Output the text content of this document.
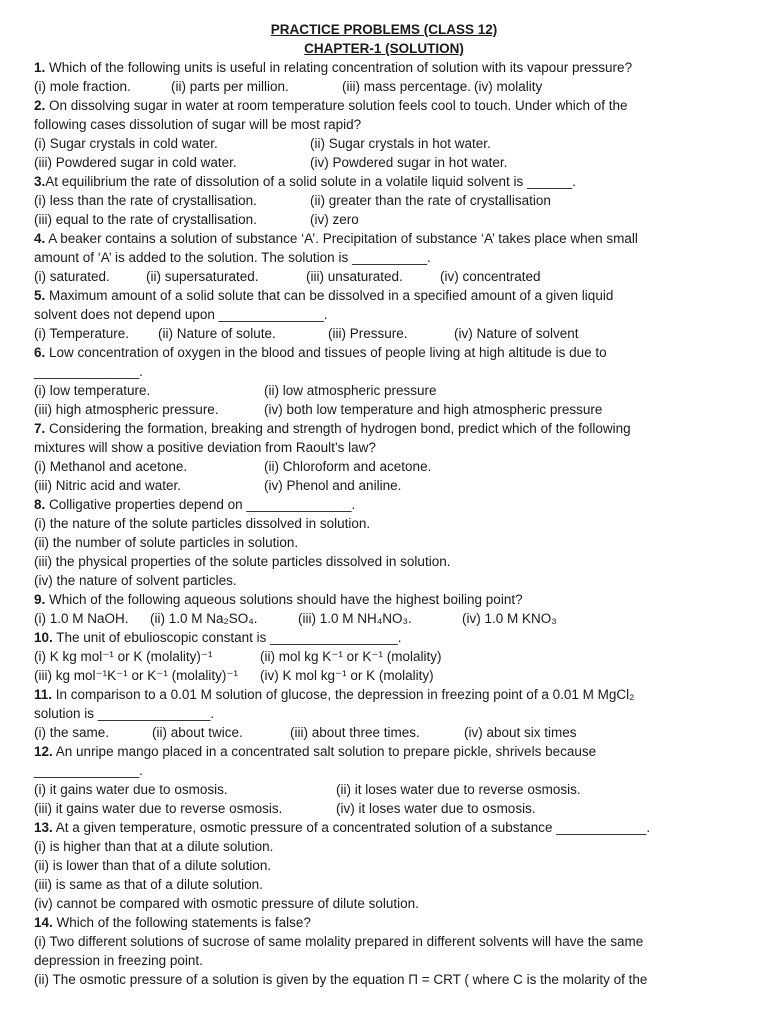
PRACTICE PROBLEMS (CLASS 12)

CHAPTER-1 (SOLUTION)

1. Which of the following units is useful in relating concentration of solution with its vapour pressure?

(i) mole fraction.	(ii) parts per million.	(iii) mass percentage. (iv) molality

2. On dissolving sugar in water at room temperature solution feels cool to touch. Under which of the

following cases dissolution of sugar will be most rapid?

(i) Sugar crystals in cold water.	(ii) Sugar crystals in hot water.
(iii) Powdered sugar in cold water.	(iv) Powdered sugar in hot water.

3.At equilibrium the rate of dissolution of a solid solute in a volatile liquid solvent is ______.

(i) less than the rate of crystallisation.	(ii) greater than the rate of crystallisation
(iii) equal to the rate of crystallisation.	(iv) zero

4. A beaker contains a solution of substance ‘A’. Precipitation of substance ‘A’ takes place when small

amount of ‘A’ is added to the solution. The solution is __________.

(i) saturated.	(ii) supersaturated.	(iii) unsaturated.	(iv) concentrated

5. Maximum amount of a solid solute that can be dissolved in a specified amount of a given liquid

solvent does not depend upon ______________.

(i) Temperature.	(ii) Nature of solute.	(iii) Pressure.	(iv) Nature of solvent

6. Low concentration of oxygen in the blood and tissues of people living at high altitude is due to

______________.

(i) low temperature.	(ii) low atmospheric pressure
(iii) high atmospheric pressure.	(iv) both low temperature and high atmospheric pressure

7. Considering the formation, breaking and strength of hydrogen bond, predict which of the following

mixtures will show a positive deviation from Raoult’s law?

(i) Methanol and acetone.	(ii) Chloroform and acetone.
(iii) Nitric acid and water.	(iv) Phenol and aniline.

8. Colligative properties depend on ______________.

(i) the nature of the solute particles dissolved in solution.

(ii) the number of solute particles in solution.

(iii) the physical properties of the solute particles dissolved in solution.

(iv) the nature of solvent particles.

9. Which of the following aqueous solutions should have the highest boiling point?

(i) 1.0 M NaOH.	(ii) 1.0 M Na₂SO₄.	(iii) 1.0 M NH₄NO₃.	(iv) 1.0 M KNO₃

10. The unit of ebulioscopic constant is _________________.

(i) K kg mol⁻¹ or K (molality)⁻¹	(ii) mol kg K⁻¹ or K⁻¹ (molality)
(iii) kg mol⁻¹K⁻¹ or K⁻¹ (molality)⁻¹	(iv) K mol kg⁻¹ or K (molality)

11. In comparison to a 0.01 M solution of glucose, the depression in freezing point of a 0.01 M MgCl₂

solution is _______________.

(i) the same.	(ii) about twice.	(iii) about three times.	(iv) about six times

12. An unripe mango placed in a concentrated salt solution to prepare pickle, shrivels because

______________.

(i) it gains water due to osmosis.	(ii) it loses water due to reverse osmosis.
(iii) it gains water due to reverse osmosis.	(iv) it loses water due to osmosis.

13. At a given temperature, osmotic pressure of a concentrated solution of a substance ____________.

(i) is higher than that at a dilute solution.

(ii) is lower than that of a dilute solution.

(iii) is same as that of a dilute solution.

(iv) cannot be compared with osmotic pressure of dilute solution.

14. Which of the following statements is false?

(i) Two different solutions of sucrose of same molality prepared in different solvents will have the same

depression in freezing point.

(ii) The osmotic pressure of a solution is given by the equation Π = CRT ( where C is the molarity of the
